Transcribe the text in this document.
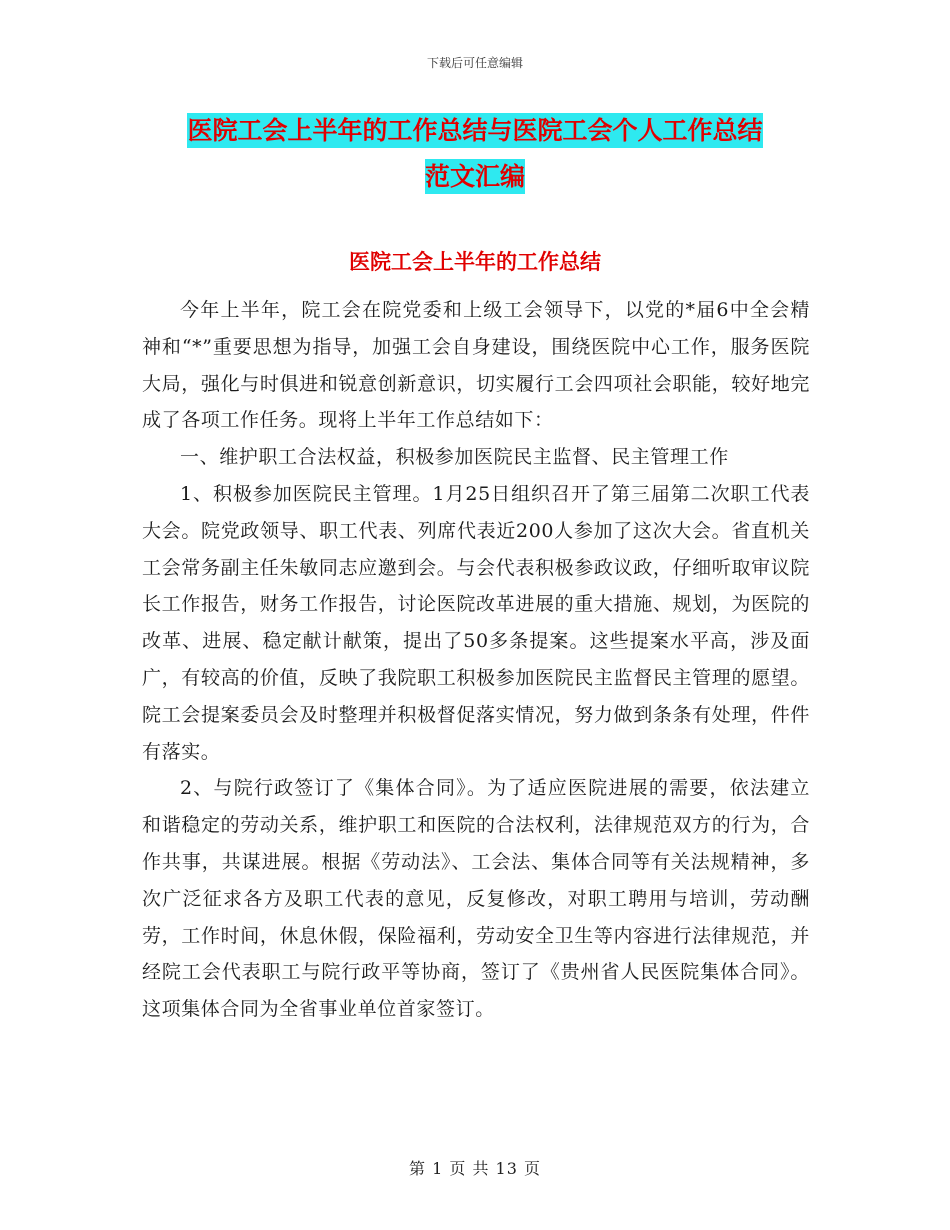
下载后可任意编辑
医院工会上半年的工作总结与医院工会个人工作总结
范文汇编
医院工会上半年的工作总结

今年上半年，院工会在院党委和上级工会领导下，以党的*届6中全会精神和“*”重要思想为指导，加强工会自身建设，围绕医院中心工作，服务医院大局，强化与时俱进和锐意创新意识，切实履行工会四项社会职能，较好地完成了各项工作任务。现将上半年工作总结如下：

一、维护职工合法权益，积极参加医院民主监督、民主管理工作

1、积极参加医院民主管理。1月25日组织召开了第三届第二次职工代表大会。院党政领导、职工代表、列席代表近200人参加了这次大会。省直机关工会常务副主任朱敏同志应邀到会。与会代表积极参政议政，仔细听取审议院长工作报告，财务工作报告，讨论医院改革进展的重大措施、规划，为医院的改革、进展、稳定献计献策，提出了50多条提案。这些提案水平高，涉及面广，有较高的价值，反映了我院职工积极参加医院民主监督民主管理的愿望。院工会提案委员会及时整理并积极督促落实情况，努力做到条条有处理，件件有落实。

2、与院行政签订了《集体合同》。为了适应医院进展的需要，依法建立和谐稳定的劳动关系，维护职工和医院的合法权利，法律规范双方的行为，合作共事，共谋进展。根据《劳动法》、工会法、集体合同等有关法规精神，多次广泛征求各方及职工代表的意见，反复修改，对职工聘用与培训，劳动酬劳，工作时间，休息休假，保险福利，劳动安全卫生等内容进行法律规范，并经院工会代表职工与院行政平等协商，签订了《贵州省人民医院集体合同》。这项集体合同为全省事业单位首家签订。

第 1 页 共 13 页
